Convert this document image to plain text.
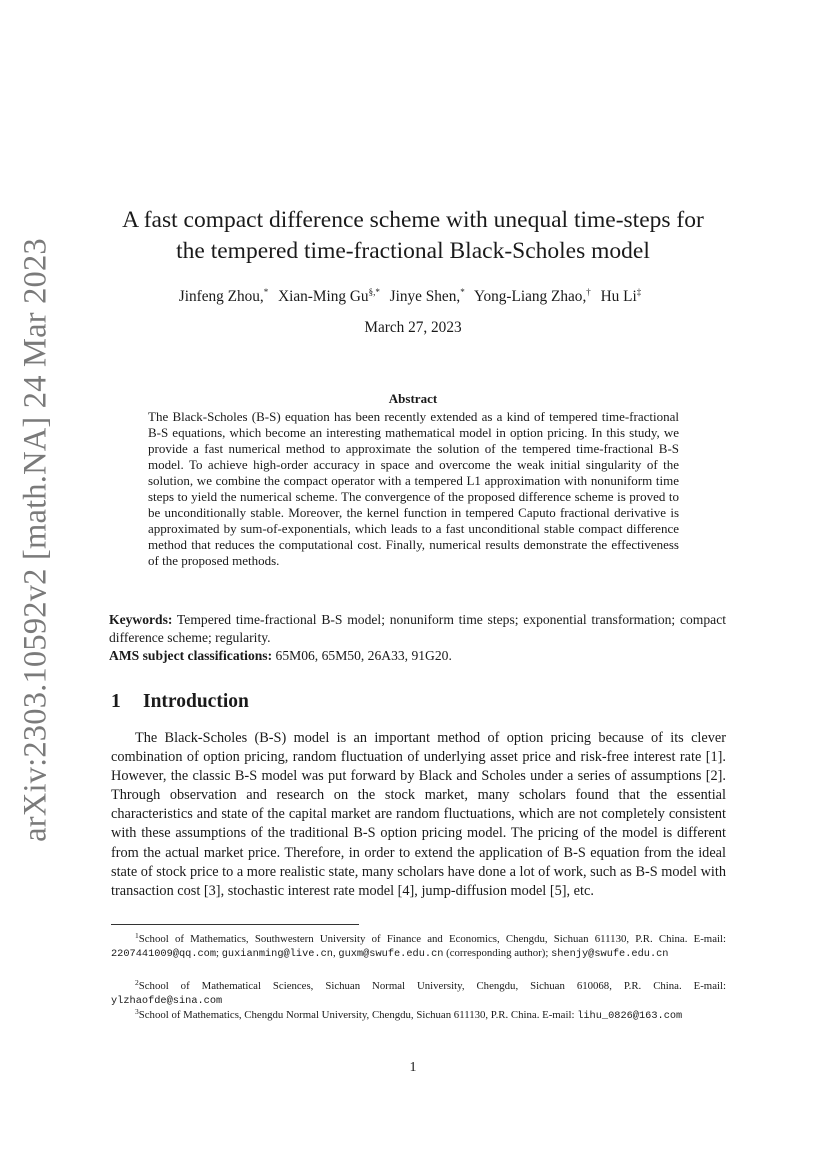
arXiv:2303.10592v2 [math.NA] 24 Mar 2023
A fast compact difference scheme with unequal time-steps for
the tempered time-fractional Black-Scholes model
Jinfeng Zhou,* Xian-Ming Gu§,* Jinye Shen,* Yong-Liang Zhao,† Hu Li‡
March 27, 2023
Abstract
The Black-Scholes (B-S) equation has been recently extended as a kind of tempered time-fractional B-S equations, which become an interesting mathematical model in option pricing. In this study, we provide a fast numerical method to approximate the solution of the tempered time-fractional B-S model. To achieve high-order accuracy in space and overcome the weak initial singularity of the solution, we combine the compact operator with a tempered L1 approximation with nonuniform time steps to yield the numerical scheme. The convergence of the proposed difference scheme is proved to be unconditionally stable. Moreover, the kernel function in tempered Caputo fractional derivative is approximated by sum-of-exponentials, which leads to a fast unconditional stable compact difference method that reduces the computational cost. Finally, numerical results demonstrate the effectiveness of the proposed methods.
Keywords: Tempered time-fractional B-S model; nonuniform time steps; exponential transformation; compact difference scheme; regularity.
AMS subject classifications: 65M06, 65M50, 26A33, 91G20.
1 Introduction

The Black-Scholes (B-S) model is an important method of option pricing because of its clever combination of option pricing, random fluctuation of underlying asset price and risk-free interest rate [1]. However, the classic B-S model was put forward by Black and Scholes under a series of assumptions [2]. Through observation and research on the stock market, many scholars found that the essential characteristics and state of the capital market are random fluctuations, which are not completely consistent with these assumptions of the traditional B-S option pricing model. The pricing of the model is different from the actual market price. Therefore, in order to extend the application of B-S equation from the ideal state of stock price to a more realistic state, many scholars have done a lot of work, such as B-S model with transaction cost [3], stochastic interest rate model [4], jump-diffusion model [5], etc.

$^1$School of Mathematics, Southwestern University of Finance and Economics, Chengdu, Sichuan 611130, P.R. China. E-mail: 2207441009@qq.com; guxianming@live.cn, guxm@swufe.edu.cn (corresponding author); shenjy@swufe.edu.cn

$^2$School of Mathematical Sciences, Sichuan Normal University, Chengdu, Sichuan 610068, P.R. China. E-mail: ylzhaofde@sina.com

$^3$School of Mathematics, Chengdu Normal University, Chengdu, Sichuan 611130, P.R. China. E-mail: lihu_0826@163.com

1
